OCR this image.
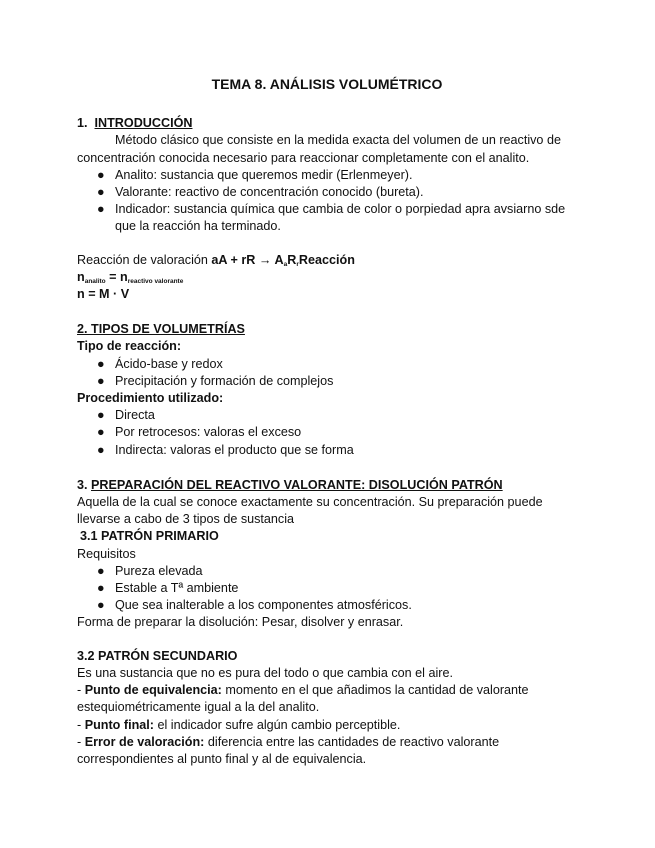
TEMA 8. ANÁLISIS VOLUMÉTRICO
1. INTRODUCCIÓN
Método clásico que consiste en la medida exacta del volumen de un reactivo de concentración conocida necesario para reaccionar completamente con el analito.
● Analito: sustancia que queremos medir (Erlenmeyer).
● Valorante: reactivo de concentración conocido (bureta).
● Indicador: sustancia química que cambia de color o porpiedad apra avsiarno sde que la reacción ha terminado.
Reacción de valoración aA + rR → $A_aR_rReacción$
$n_{analito} = n_{reactivo valorante}$
n = M · V
2. TIPOS DE VOLUMETRÍAS
Tipo de reacción:
● Ácido-base y redox
● Precipitación y formación de complejos
Procedimiento utilizado:
● Directa
● Por retrocesos: valoras el exceso
● Indirecta: valoras el producto que se forma
3. PREPARACIÓN DEL REACTIVO VALORANTE: DISOLUCIÓN PATRÓN
Aquella de la cual se conoce exactamente su concentración. Su preparación puede llevarse a cabo de 3 tipos de sustancia
3.1 PATRÓN PRIMARIO
Requisitos
● Pureza elevada
● Estable a Tª ambiente
● Que sea inalterable a los componentes atmosféricos.
Forma de preparar la disolución: Pesar, disolver y enrasar.
3.2 PATRÓN SECUNDARIO
Es una sustancia que no es pura del todo o que cambia con el aire.
- Punto de equivalencia: momento en el que añadimos la cantidad de valorante estequiométricamente igual a la del analito.
- Punto final: el indicador sufre algún cambio perceptible.
- Error de valoración: diferencia entre las cantidades de reactivo valorante correspondientes al punto final y al de equivalencia.
